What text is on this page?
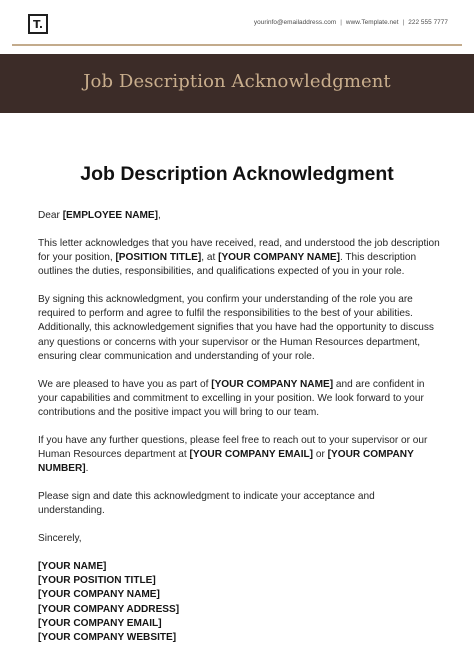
T.	yourinfo@emailaddress.com | www.Template.net | 222 555 7777
Job Description Acknowledgment
Job Description Acknowledgment

Dear [EMPLOYEE NAME],

This letter acknowledges that you have received, read, and understood the job description for your position, [POSITION TITLE], at [YOUR COMPANY NAME]. This description outlines the duties, responsibilities, and qualifications expected of you in your role.

By signing this acknowledgment, you confirm your understanding of the role you are required to perform and agree to fulfil the responsibilities to the best of your abilities. Additionally, this acknowledgement signifies that you have had the opportunity to discuss any questions or concerns with your supervisor or the Human Resources department, ensuring clear communication and understanding of your role.

We are pleased to have you as part of [YOUR COMPANY NAME] and are confident in your capabilities and commitment to excelling in your position. We look forward to your contributions and the positive impact you will bring to our team.

If you have any further questions, please feel free to reach out to your supervisor or our Human Resources department at [YOUR COMPANY EMAIL] or [YOUR COMPANY NUMBER].

Please sign and date this acknowledgment to indicate your acceptance and understanding.

Sincerely,

[YOUR NAME]
[YOUR POSITION TITLE]
[YOUR COMPANY NAME]
[YOUR COMPANY ADDRESS]
[YOUR COMPANY EMAIL]
[YOUR COMPANY WEBSITE]
